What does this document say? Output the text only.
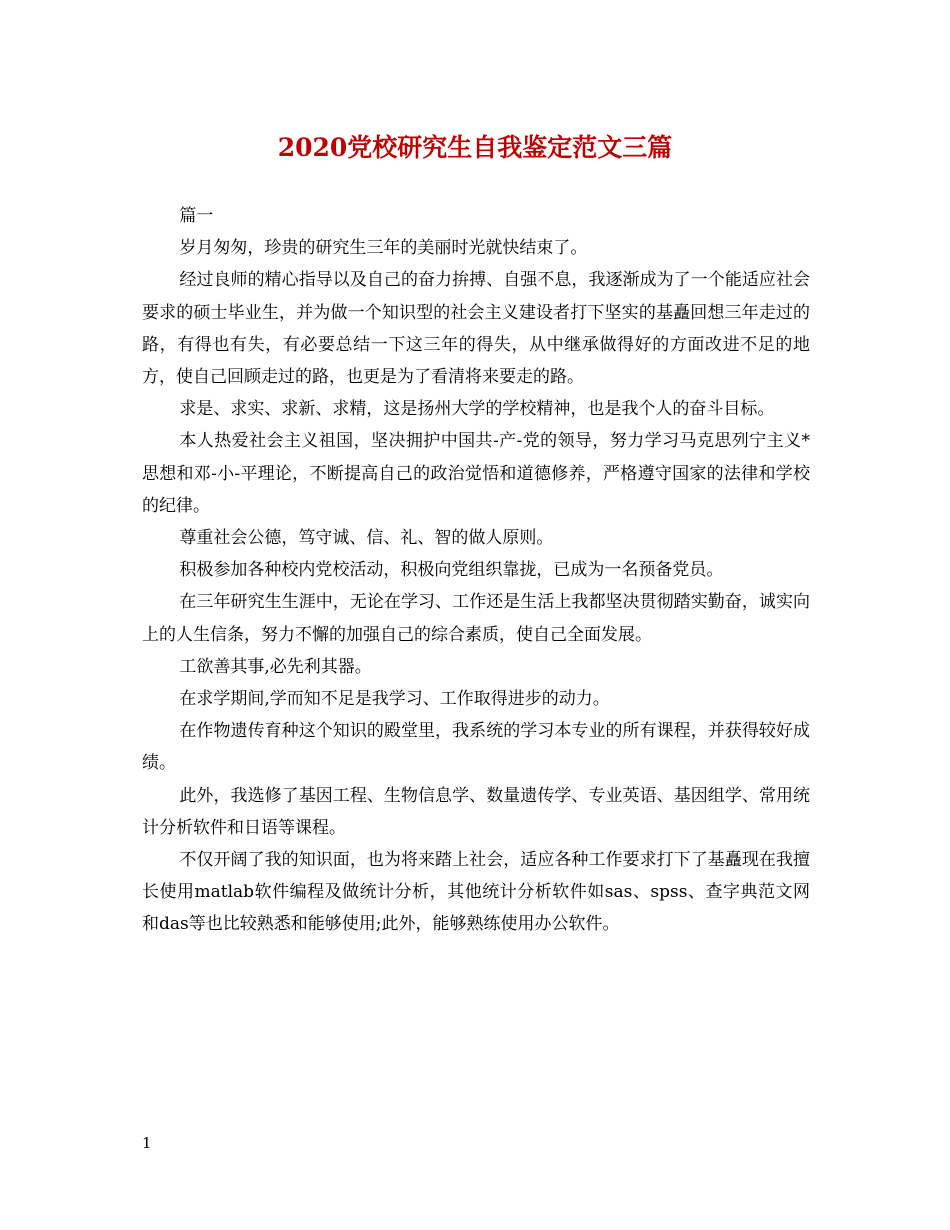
2020党校研究生自我鉴定范文三篇

篇一

岁月匆匆，珍贵的研究生三年的美丽时光就快结束了。

经过良师的精心指导以及自己的奋力拚搏、自强不息，我逐渐成为了一个能适应社会要求的硕士毕业生，并为做一个知识型的社会主义建设者打下坚实的基矗回想三年走过的路，有得也有失，有必要总结一下这三年的得失，从中继承做得好的方面改进不足的地方，使自己回顾走过的路，也更是为了看清将来要走的路。

求是、求实、求新、求精，这是扬州大学的学校精神，也是我个人的奋斗目标。

本人热爱社会主义祖国，坚决拥护中国共-产-党的领导，努力学习马克思列宁主义*思想和邓-小-平理论，不断提高自己的政治觉悟和道德修养，严格遵守国家的法律和学校的纪律。

尊重社会公德，笃守诚、信、礼、智的做人原则。

积极参加各种校内党校活动，积极向党组织靠拢，已成为一名预备党员。

在三年研究生生涯中，无论在学习、工作还是生活上我都坚决贯彻踏实勤奋，诚实向上的人生信条，努力不懈的加强自己的综合素质，使自己全面发展。

工欲善其事,必先利其器。

在求学期间,学而知不足是我学习、工作取得进步的动力。

在作物遗传育种这个知识的殿堂里，我系统的学习本专业的所有课程，并获得较好成绩。

此外，我选修了基因工程、生物信息学、数量遗传学、专业英语、基因组学、常用统计分析软件和日语等课程。

不仅开阔了我的知识面，也为将来踏上社会，适应各种工作要求打下了基矗现在我擅长使用matlab软件编程及做统计分析，其他统计分析软件如sas、spss、查字典范文网和das等也比较熟悉和能够使用;此外，能够熟练使用办公软件。

1
